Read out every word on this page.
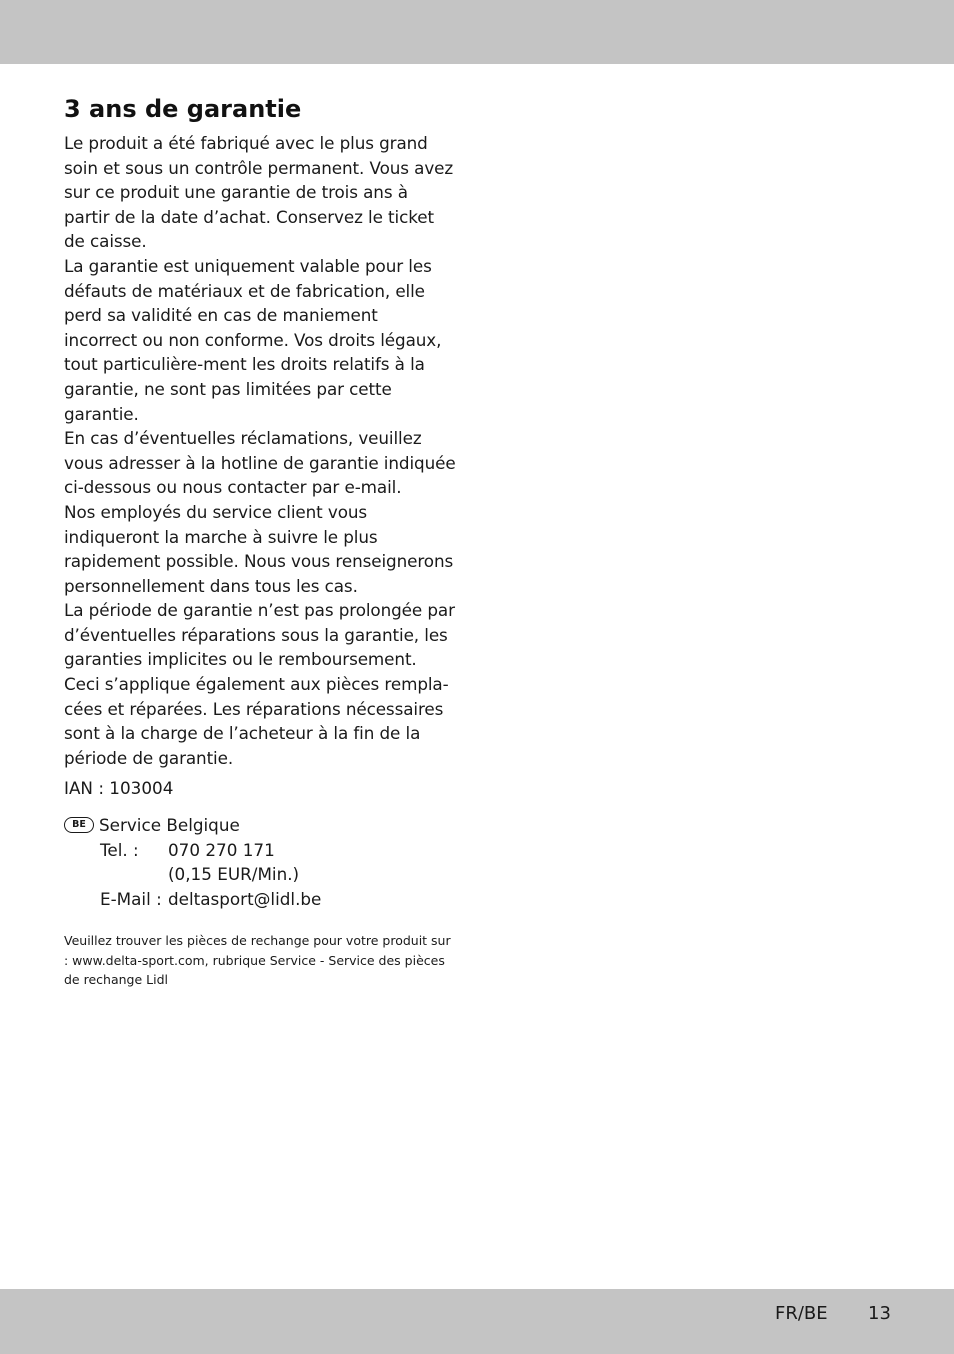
3 ans de garantie

Le produit a été fabriqué avec le plus grand soin et sous un contrôle permanent. Vous avez sur ce produit une garantie de trois ans à partir de la date d’achat. Conservez le ticket de caisse.

La garantie est uniquement valable pour les défauts de matériaux et de fabrication, elle perd sa validité en cas de maniement incorrect ou non conforme. Vos droits légaux, tout particulière-ment les droits relatifs à la garantie, ne sont pas limitées par cette garantie.

En cas d’éventuelles réclamations, veuillez vous adresser à la hotline de garantie indiquée ci-dessous ou nous contacter par e-mail.

Nos employés du service client vous indiqueront la marche à suivre le plus rapidement possible. Nous vous renseignerons personnellement dans tous les cas.

La période de garantie n’est pas prolongée par d’éventuelles réparations sous la garantie, les garanties implicites ou le remboursement.

Ceci s’applique également aux pièces rempla-cées et réparées. Les réparations nécessaires sont à la charge de l’acheteur à la fin de la période de garantie.

IAN : 103004

BE Service Belgique
Tel. :	070 270 171
(0,15 EUR/Min.)
E-Mail : deltasport@lidl.be
Veuillez trouver les pièces de rechange pour votre produit sur : www.delta-sport.com, rubrique Service - Service des pièces de rechange Lidl
FR/BE 13
